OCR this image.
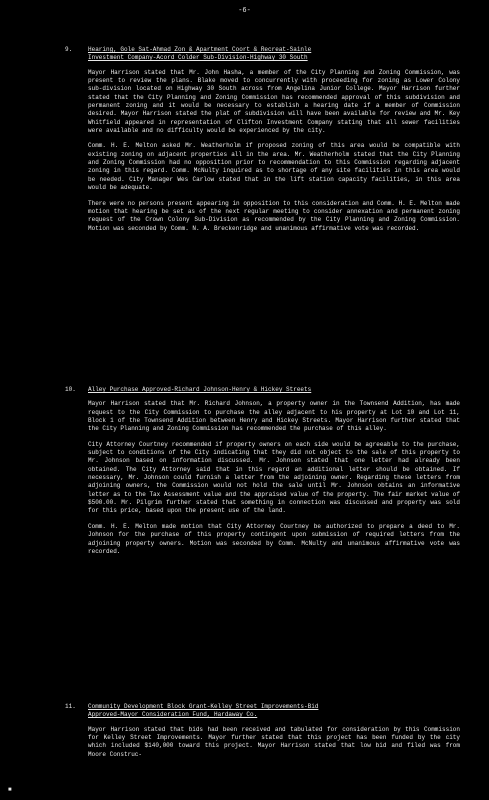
-6-
9.	Hearing, Gole Sat-Ahmad Zon & Apartment Coort & Recreat-Sainle
Investment Company-Acord Colder Sub-Division-Highway 30 South

Mayor Harrison stated that Mr. John Hasha, a member of the City Planning and Zoning Commission, was present to review the plans. Blake moved to concurrently with proceeding for zoning as Lower Colony sub-division located on Highway 30 South across from Angelina Junior College. Mayor Harrison further stated that the City Planning and Zoning Commission has recommended approval of this subdivision and permanent zoning and it would be necessary to establish a hearing date if a member of Commission desired. Mayor Harrison stated the plat of subdivision will have been available for review and Mr. Key Whitfield appeared in representation of Clifton Investment Company stating that all sewer facilities were available and no difficulty would be experienced by the city.

Comm. H. E. Melton asked Mr. Weatherholm if proposed zoning of this area would be compatible with existing zoning on adjacent properties all in the area. Mr. Weatherholm stated that the City Planning and Zoning Commission had no opposition prior to recommendation to this Commission regarding adjacent zoning in this regard. Comm. McNulty inquired as to shortage of any site facilities in this area would be needed. City Manager Wes Carlow stated that in the lift station capacity facilities, in this area would be adequate.

There were no persons present appearing in opposition to this consideration and Comm. H. E. Melton made motion that hearing be set as of the next regular meeting to consider annexation and permanent zoning request of the Crown Colony Sub-Division as recommended by the City Planning and Zoning Commission. Motion was seconded by Comm. N. A. Breckenridge and unanimous affirmative vote was recorded.

10. Alley Purchase Approved-Richard Johnson-Henry & Hickey Streets

Mayor Harrison stated that Mr. Richard Johnson, a property owner in the Townsend Addition, has made request to the City Commission to purchase the alley adjacent to his property at Lot 10 and Lot 11, Block 1 of the Townsend Addition between Henry and Hickey Streets. Mayor Harrison further stated that the City Planning and Zoning Commission has recommended the purchase of this alley.

City Attorney Courtney recommended if property owners on each side would be agreeable to the purchase, subject to conditions of the City indicating that they did not object to the sale of this property to Mr. Johnson based on information discussed. Mr. Johnson stated that one letter had already been obtained. The City Attorney said that in this regard an additional letter should be obtained. If necessary, Mr. Johnson could furnish a letter from the adjoining owner. Regarding these letters from adjoining owners, the Commission would not hold the sale until Mr. Johnson obtains an informative letter as to the Tax Assessment value and the appraised value of the property. The fair market value of $500.00. Mr. Pilgrim further stated that something in connection was discussed and property was sold for this price, based upon the present use of the land.

Comm. H. E. Melton made motion that City Attorney Courtney be authorized to prepare a deed to Mr. Johnson for the purchase of this property contingent upon submission of required letters from the adjoining property owners. Motion was seconded by Comm. McNulty and unanimous affirmative vote was recorded.

11. Community Development Block Grant-Kelley Street Improvements-Bid
Approved-Mayor Consideration Fund, Hardaway Co.

Mayor Harrison stated that bids had been received and tabulated for consideration by this Commission for Kelley Street Improvements. Mayor further stated that this project has been funded by the city which included $140,000 toward this project. Mayor Harrison stated that low bid and filed was from Moore Construc-

■
